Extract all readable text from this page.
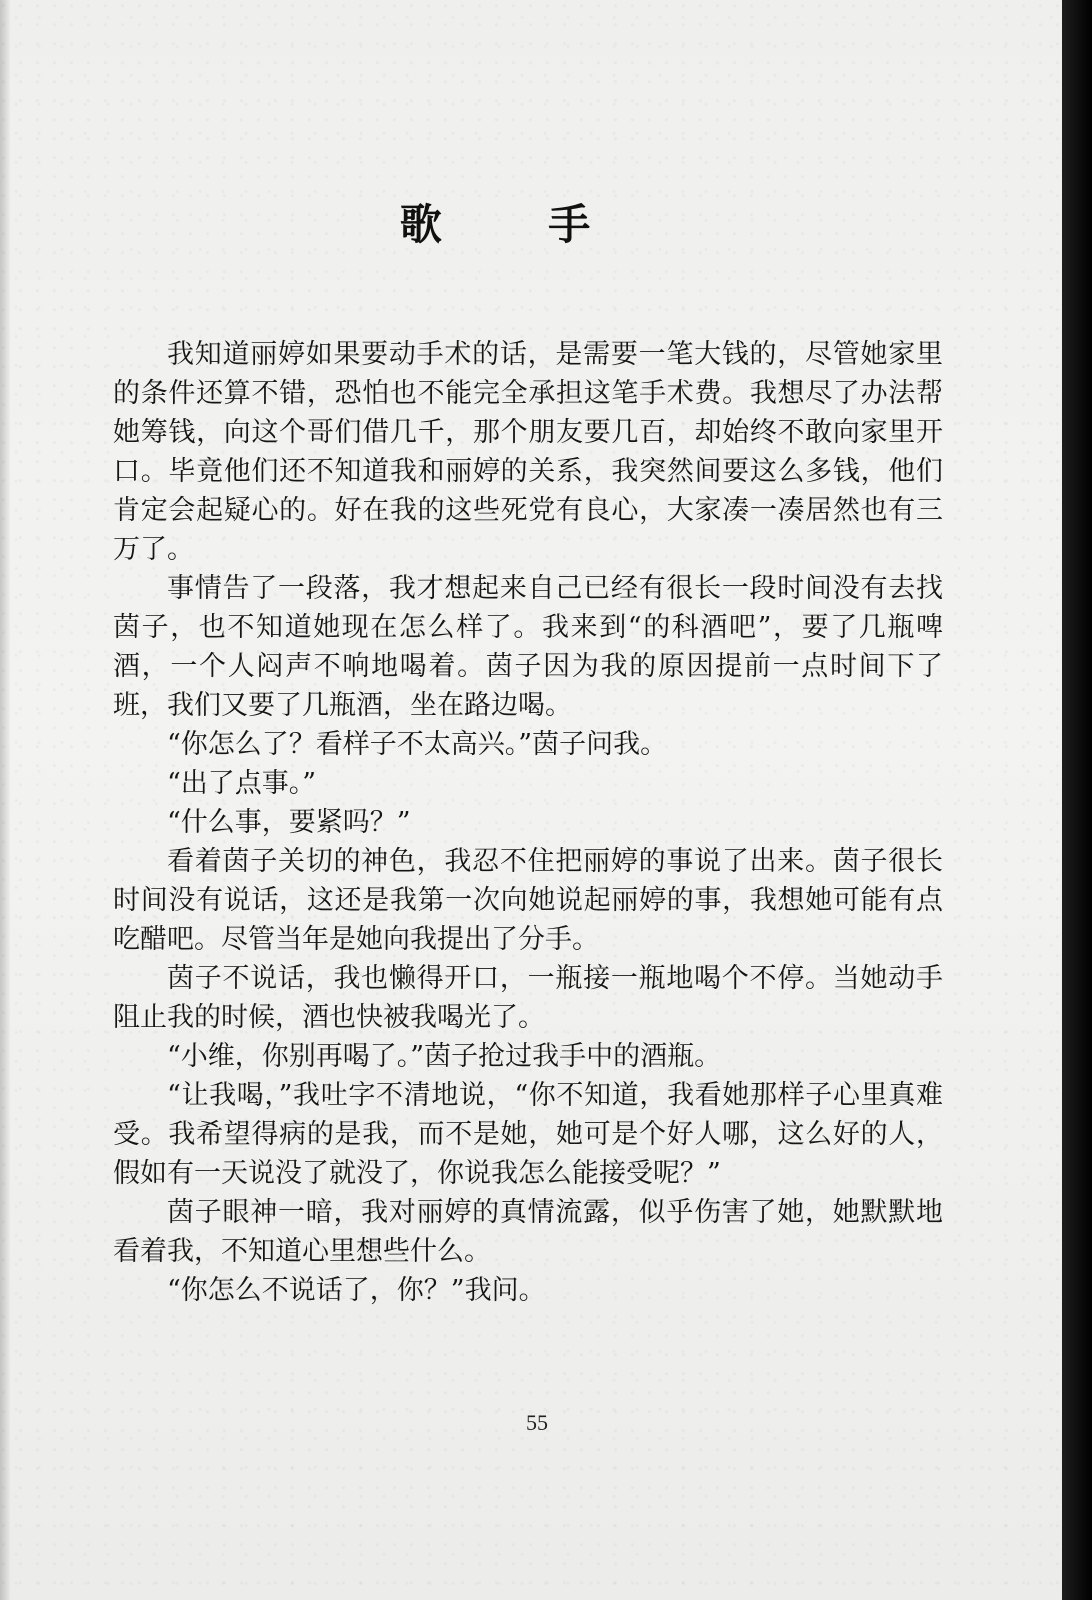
歌 手

我知道丽婷如果要动手术的话，是需要一笔大钱的，尽管她家里的条件还算不错，恐怕也不能完全承担这笔手术费。我想尽了办法帮她筹钱，向这个哥们借几千，那个朋友要几百，却始终不敢向家里开口。毕竟他们还不知道我和丽婷的关系，我突然间要这么多钱，他们肯定会起疑心的。好在我的这些死党有良心，大家凑一凑居然也有三万了。

事情告了一段落，我才想起来自己已经有很长一段时间没有去找茵子，也不知道她现在怎么样了。我来到“的科酒吧”，要了几瓶啤酒，一个人闷声不响地喝着。茵子因为我的原因提前一点时间下了班，我们又要了几瓶酒，坐在路边喝。

“你怎么了？看样子不太高兴。”茵子问我。

“出了点事。”

“什么事，要紧吗？”

看着茵子关切的神色，我忍不住把丽婷的事说了出来。茵子很长时间没有说话，这还是我第一次向她说起丽婷的事，我想她可能有点吃醋吧。尽管当年是她向我提出了分手。

茵子不说话，我也懒得开口，一瓶接一瓶地喝个不停。当她动手阻止我的时候，酒也快被我喝光了。

“小维，你别再喝了。”茵子抢过我手中的酒瓶。

“让我喝，”我吐字不清地说，“你不知道，我看她那样子心里真难受。我希望得病的是我，而不是她，她可是个好人哪，这么好的人，假如有一天说没了就没了，你说我怎么能接受呢？”

茵子眼神一暗，我对丽婷的真情流露，似乎伤害了她，她默默地看着我，不知道心里想些什么。

“你怎么不说话了，你？”我问。

55
